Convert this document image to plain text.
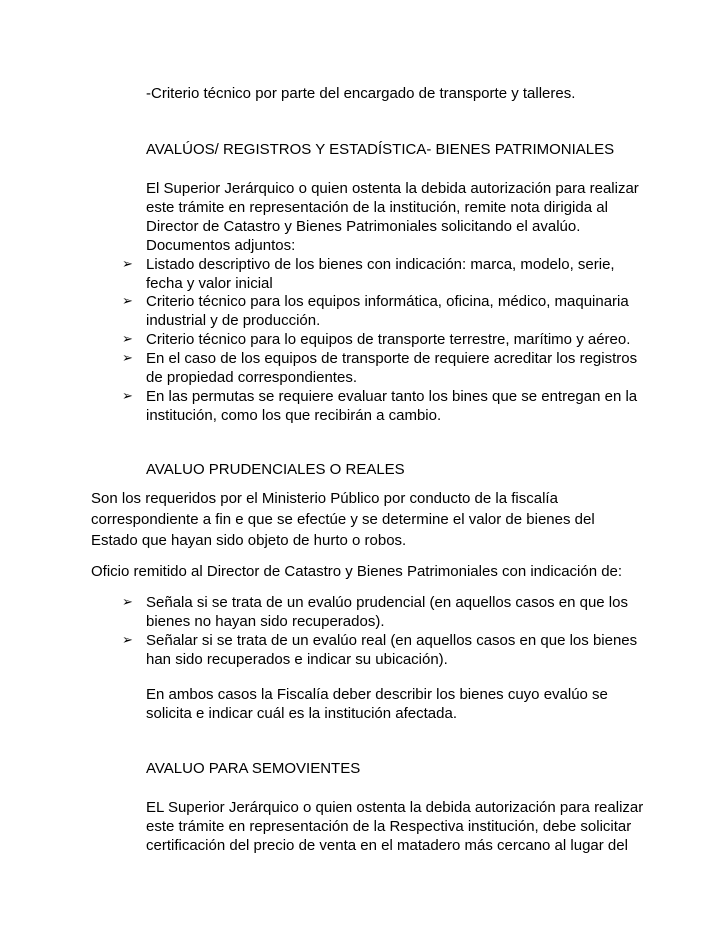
-Criterio técnico por parte del encargado de transporte y talleres.
AVALÚOS/ REGISTROS Y ESTADÍSTICA- BIENES PATRIMONIALES
El Superior Jerárquico o quien ostenta la debida autorización para realizar
este trámite en representación de la institución, remite nota dirigida al
Director de Catastro y Bienes Patrimoniales solicitando el avalúo.
Documentos adjuntos:
➢ Listado descriptivo de los bienes con indicación: marca, modelo, serie,
fecha y valor inicial
➢ Criterio técnico para los equipos informática, oficina, médico, maquinaria
industrial y de producción.
➢ Criterio técnico para lo equipos de transporte terrestre, marítimo y aéreo.
➢ En el caso de los equipos de transporte de requiere acreditar los registros
de propiedad correspondientes.
➢ En las permutas se requiere evaluar tanto los bines que se entregan en la
institución, como los que recibirán a cambio.
AVALUO PRUDENCIALES O REALES
Son los requeridos por el Ministerio Público por conducto de la fiscalía
correspondiente a fin e que se efectúe y se determine el valor de bienes del
Estado que hayan sido objeto de hurto o robos.
Oficio remitido al Director de Catastro y Bienes Patrimoniales con indicación de:
➢ Señala si se trata de un evalúo prudencial (en aquellos casos en que los
bienes no hayan sido recuperados).
➢ Señalar si se trata de un evalúo real (en aquellos casos en que los bienes
han sido recuperados e indicar su ubicación).
En ambos casos la Fiscalía deber describir los bienes cuyo evalúo se
solicita e indicar cuál es la institución afectada.
AVALUO PARA SEMOVIENTES
EL Superior Jerárquico o quien ostenta la debida autorización para realizar
este trámite en representación de la Respectiva institución, debe solicitar
certificación del precio de venta en el matadero más cercano al lugar del
